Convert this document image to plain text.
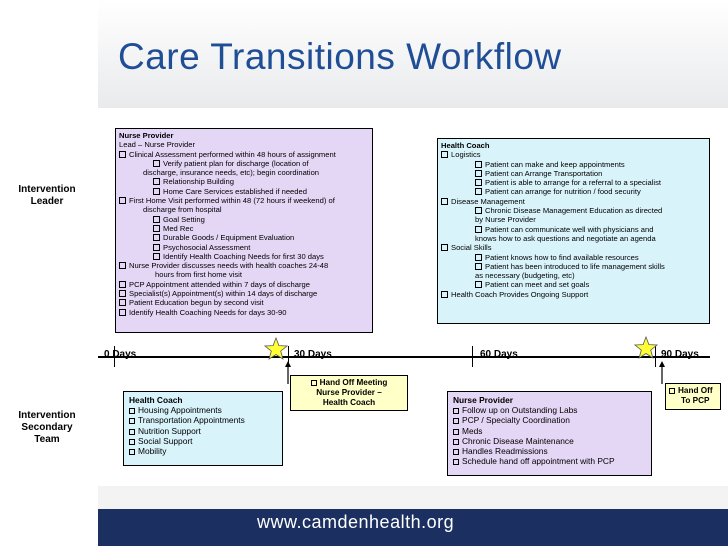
Care Transitions Workflow
Intervention
Leader
Intervention
Secondary
Team
Nurse Provider
Lead – Nurse Provider
Clinical Assessment performed within 48 hours of assignment
Verify patient plan for discharge (location of
discharge, insurance needs, etc); begin coordination
Relationship Building
Home Care Services established if needed
First Home Visit performed within 48 (72 hours if weekend) of
discharge from hospital
Goal Setting
Med Rec
Durable Goods / Equipment Evaluation
Psychosocial Assessment
Identify Health Coaching Needs for first 30 days
Nurse Provider discusses needs with health coaches 24-48
hours from first home visit
PCP Appointment attended within 7 days of discharge
Specialist(s) Appointment(s) within 14 days of discharge
Patient Education begun by second visit
Identify Health Coaching Needs for days 30-90
Health Coach
Logistics
Patient can make and keep appointments
Patient can Arrange Transportation
Patient is able to arrange for a referral to a specialist
Patient can arrange for nutrition / food security
Disease Management
Chronic Disease Management Education as directed
by Nurse Provider
Patient can communicate well with physicians and
knows how to ask questions and negotiate an agenda
Social Skills
Patient knows how to find available resources
Patient has been introduced to life management skills
as necessary (budgeting, etc)
Patient can meet and set goals
Health Coach Provides Ongoing Support
0 Days	30 Days	60 Days	90 Days
Hand Off Meeting
Nurse Provider –
Health Coach
Hand Off
To PCP
Health Coach
Housing Appointments
Transportation Appointments
Nutrition Support
Social Support
Mobility
Nurse Provider
Follow up on Outstanding Labs
PCP / Specialty Coordination
Meds
Chronic Disease Maintenance
Handles Readmissions
Schedule hand off appointment with PCP
www.camdenhealth.org
